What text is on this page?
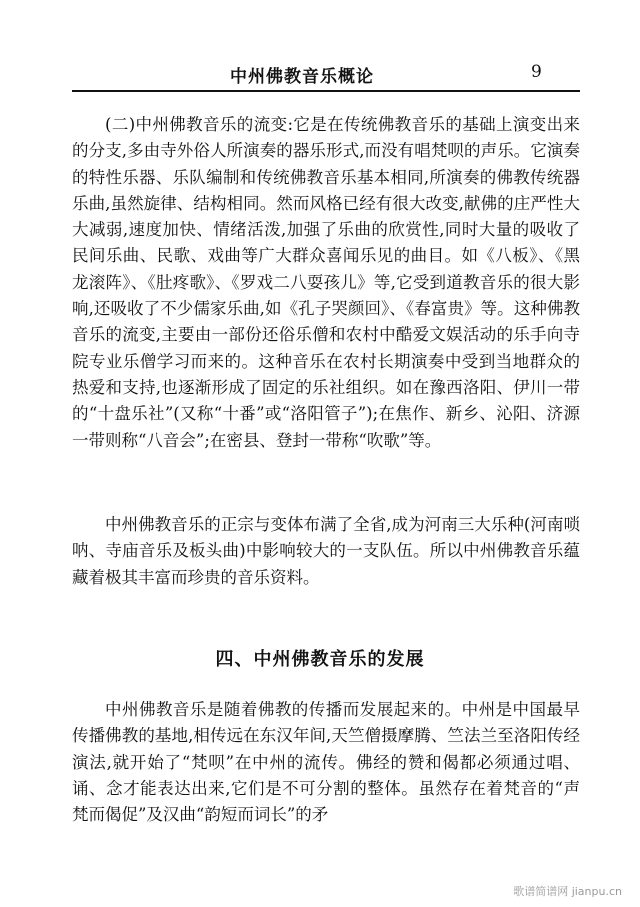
中州佛教音乐概论	9

(二)中州佛教音乐的流变:它是在传统佛教音乐的基础上演变出来的分支,多由寺外俗人所演奏的器乐形式,而没有唱梵呗的声乐。它演奏的特性乐器、乐队编制和传统佛教音乐基本相同,所演奏的佛教传统器乐曲,虽然旋律、结构相同。然而风格已经有很大改变,献佛的庄严性大大减弱,速度加快、情绪活泼,加强了乐曲的欣赏性,同时大量的吸收了民间乐曲、民歌、戏曲等广大群众喜闻乐见的曲目。如《八板》、《黑龙滚阵》、《肚疼歌》、《罗戏二八耍孩儿》等,它受到道教音乐的很大影响,还吸收了不少儒家乐曲,如《孔子哭颜回》、《春富贵》等。这种佛教音乐的流变,主要由一部份还俗乐僧和农村中酷爱文娱活动的乐手向寺院专业乐僧学习而来的。这种音乐在农村长期演奏中受到当地群众的热爱和支持,也逐渐形成了固定的乐社组织。如在豫西洛阳、伊川一带的“十盘乐社”(又称“十番”或“洛阳管子”);在焦作、新乡、沁阳、济源一带则称“八音会”;在密县、登封一带称“吹歌”等。

中州佛教音乐的正宗与变体布满了全省,成为河南三大乐种(河南唢呐、寺庙音乐及板头曲)中影响较大的一支队伍。所以中州佛教音乐蕴藏着极其丰富而珍贵的音乐资料。

四、中州佛教音乐的发展

中州佛教音乐是随着佛教的传播而发展起来的。中州是中国最早传播佛教的基地,相传远在东汉年间,天竺僧摄摩腾、竺法兰至洛阳传经演法,就开始了“梵呗”在中州的流传。佛经的赞和偈都必须通过唱、诵、念才能表达出来,它们是不可分割的整体。虽然存在着梵音的“声梵而偈促”及汉曲“韵短而词长”的矛

歌谱简谱网 jianpu.cn
